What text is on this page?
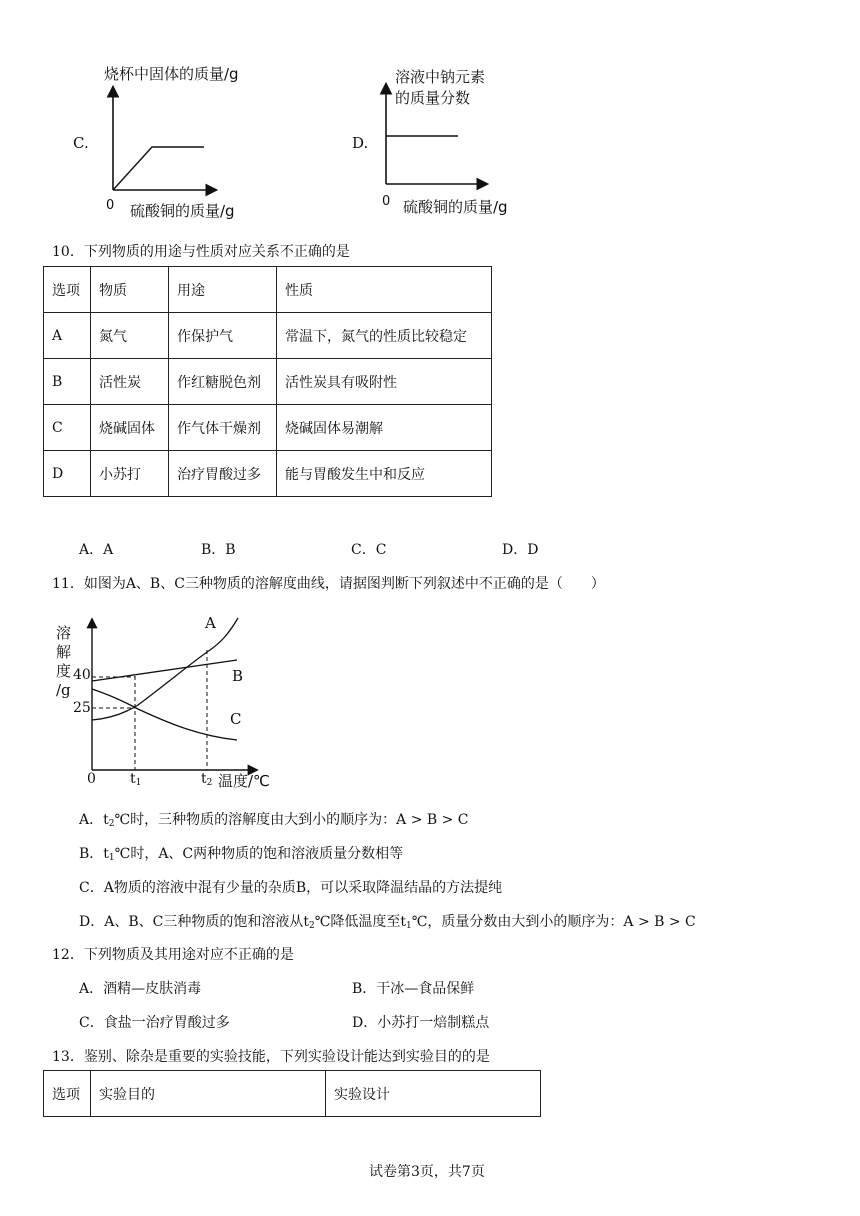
C.
烧杯中固体的质量/g
0 硫酸铜的质量/g
D.
溶液中钠元素
的质量分数
0 硫酸铜的质量/g
10．下列物质的用途与性质对应关系不正确的是
选项	物质	用途	性质
A	氮气	作保护气	常温下，氮气的性质比较稳定
B	活性炭	作红糖脱色剂	活性炭具有吸附性
C	烧碱固体	作气体干燥剂	烧碱固体易潮解
D	小苏打	治疗胃酸过多	能与胃酸发生中和反应
A．A	B．B	C．C	D．D
11．如图为A、B、C三种物质的溶解度曲线，请据图判断下列叙述中不正确的是（　　）
溶
解
度
/g
40
25
0 $t_1$	$t_2$ 温度/℃
A
B
C
A．$t_2℃$时，三种物质的溶解度由大到小的顺序为：A > B > C
B．$t_1℃$时，A、C两种物质的饱和溶液质量分数相等
C．A物质的溶液中混有少量的杂质B，可以采取降温结晶的方法提纯
D．A、B、C三种物质的饱和溶液从$t_2℃$降低温度至$t_1℃$，质量分数由大到小的顺序为：A > B > C
12．下列物质及其用途对应不正确的是
A．酒精—皮肤消毒	B．干冰—食品保鲜
C．食盐一治疗胃酸过多	D．小苏打一焙制糕点
13．鉴别、除杂是重要的实验技能，下列实验设计能达到实验目的的是
选项	实验目的	实验设计
试卷第3页，共7页
